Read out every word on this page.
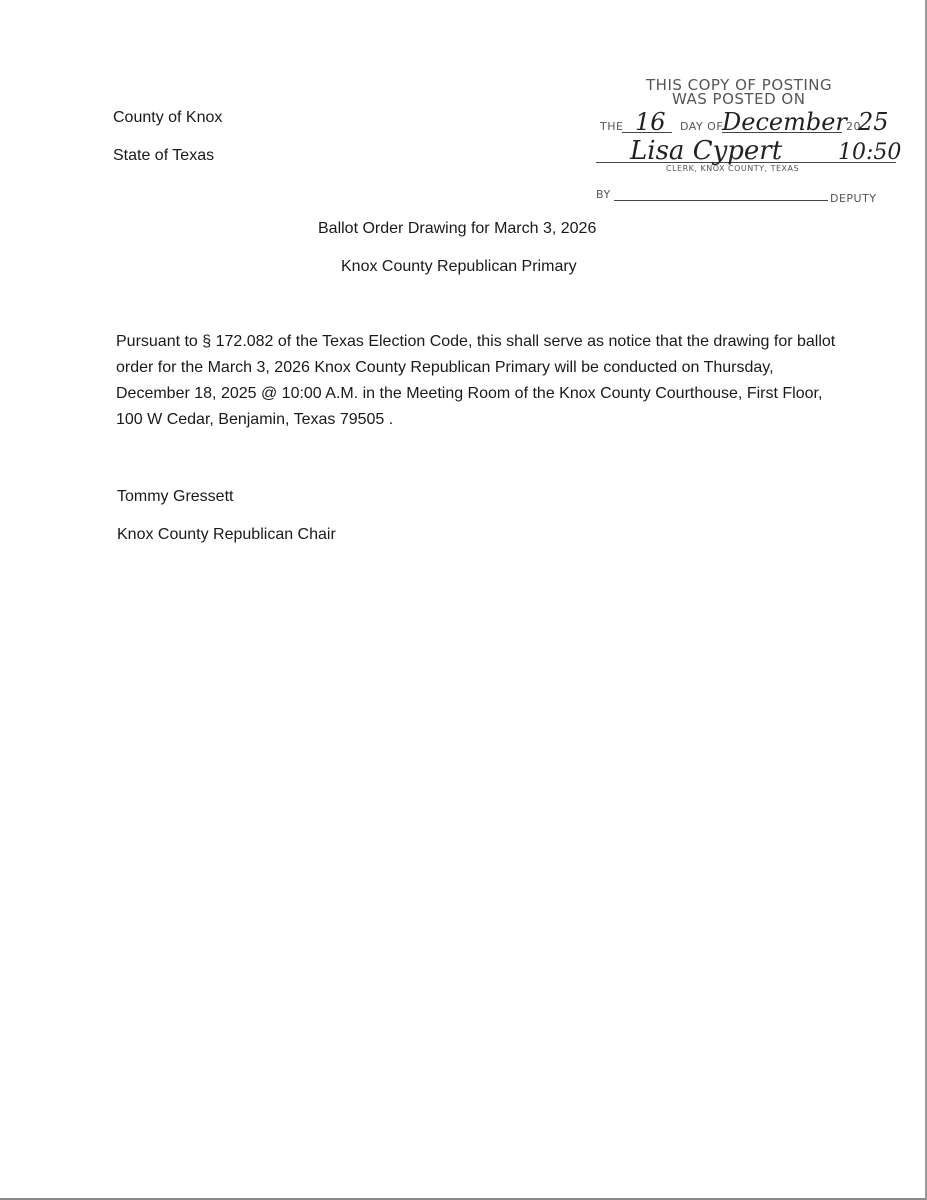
County of Knox
State of Texas
THIS COPY OF POSTING
WAS POSTED ON
THE 16 DAY OF
December 20
25
Lisa Cypert	10:50
CLERK, KNOX COUNTY, TEXAS
BY	DEPUTY
Ballot Order Drawing for March 3, 2026
Knox County Republican Primary
Pursuant to § 172.082 of the Texas Election Code, this shall serve as notice that the drawing for ballot order for the March 3, 2026 Knox County Republican Primary will be conducted on Thursday, December 18, 2025 @ 10:00 A.M. in the Meeting Room of the Knox County Courthouse, First Floor, 100 W Cedar, Benjamin, Texas 79505 .
Tommy Gressett
Knox County Republican Chair
